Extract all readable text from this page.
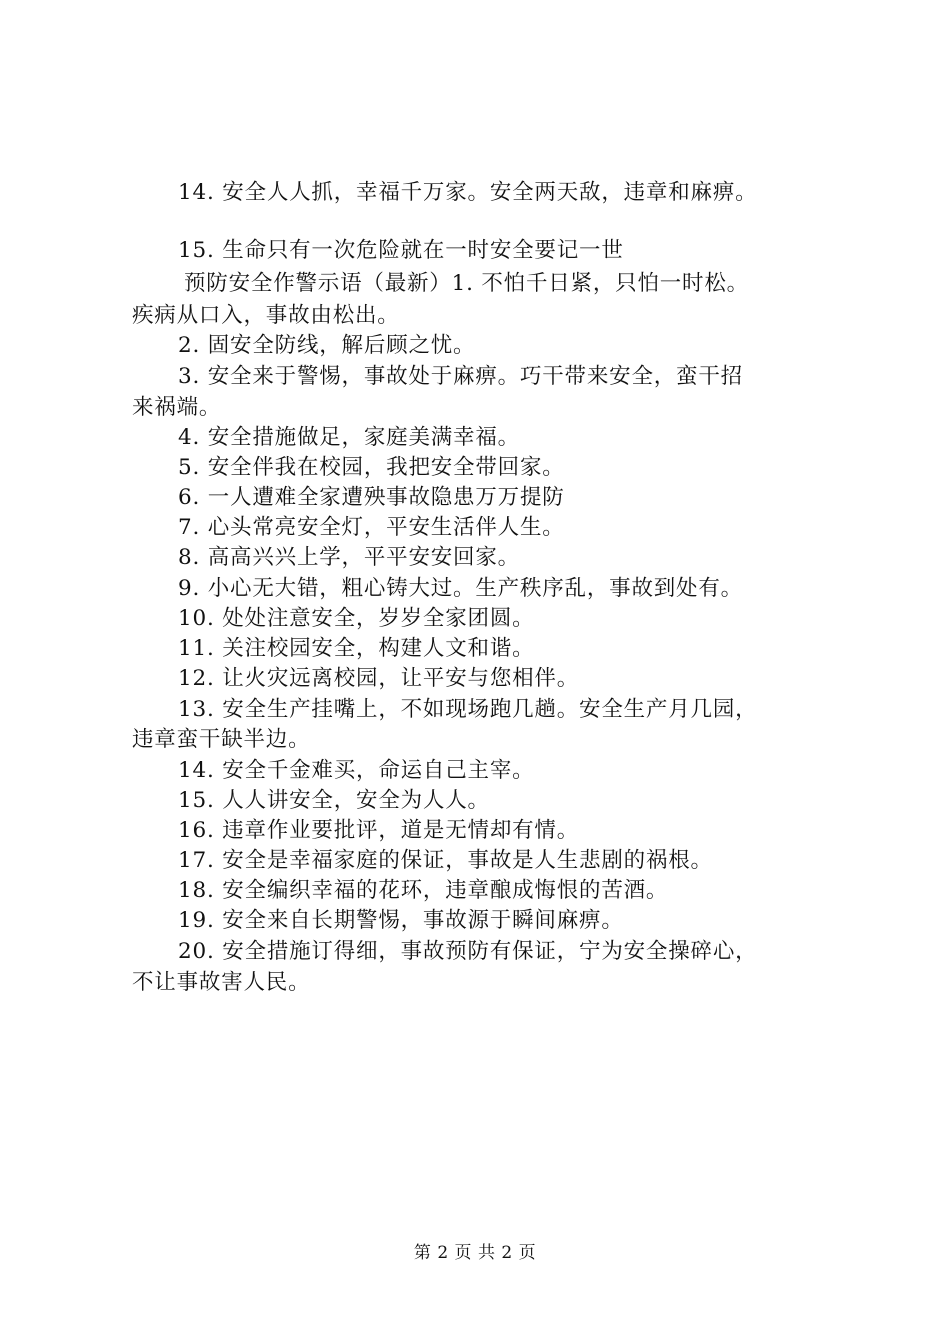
14. 安全人人抓，幸福千万家。安全两天敌，违章和麻痹。
15. 生命只有一次危险就在一时安全要记一世
预防安全作警示语（最新）1. 不怕千日紧，只怕一时松。
疾病从口入，事故由松出。
2. 固安全防线，解后顾之忧。
3. 安全来于警惕，事故处于麻痹。巧干带来安全，蛮干招
来祸端。
4. 安全措施做足，家庭美满幸福。
5. 安全伴我在校园，我把安全带回家。
6. 一人遭难全家遭殃事故隐患万万提防
7. 心头常亮安全灯，平安生活伴人生。
8. 高高兴兴上学，平平安安回家。
9. 小心无大错，粗心铸大过。生产秩序乱，事故到处有。
10. 处处注意安全，岁岁全家团圆。
11. 关注校园安全，构建人文和谐。
12. 让火灾远离校园，让平安与您相伴。
13. 安全生产挂嘴上，不如现场跑几趟。安全生产月几园，
违章蛮干缺半边。
14. 安全千金难买，命运自己主宰。
15. 人人讲安全，安全为人人。
16. 违章作业要批评，道是无情却有情。
17. 安全是幸福家庭的保证，事故是人生悲剧的祸根。
18. 安全编织幸福的花环，违章酿成悔恨的苦酒。
19. 安全来自长期警惕，事故源于瞬间麻痹。
20. 安全措施订得细，事故预防有保证，宁为安全操碎心，
不让事故害人民。
第 2 页 共 2 页
